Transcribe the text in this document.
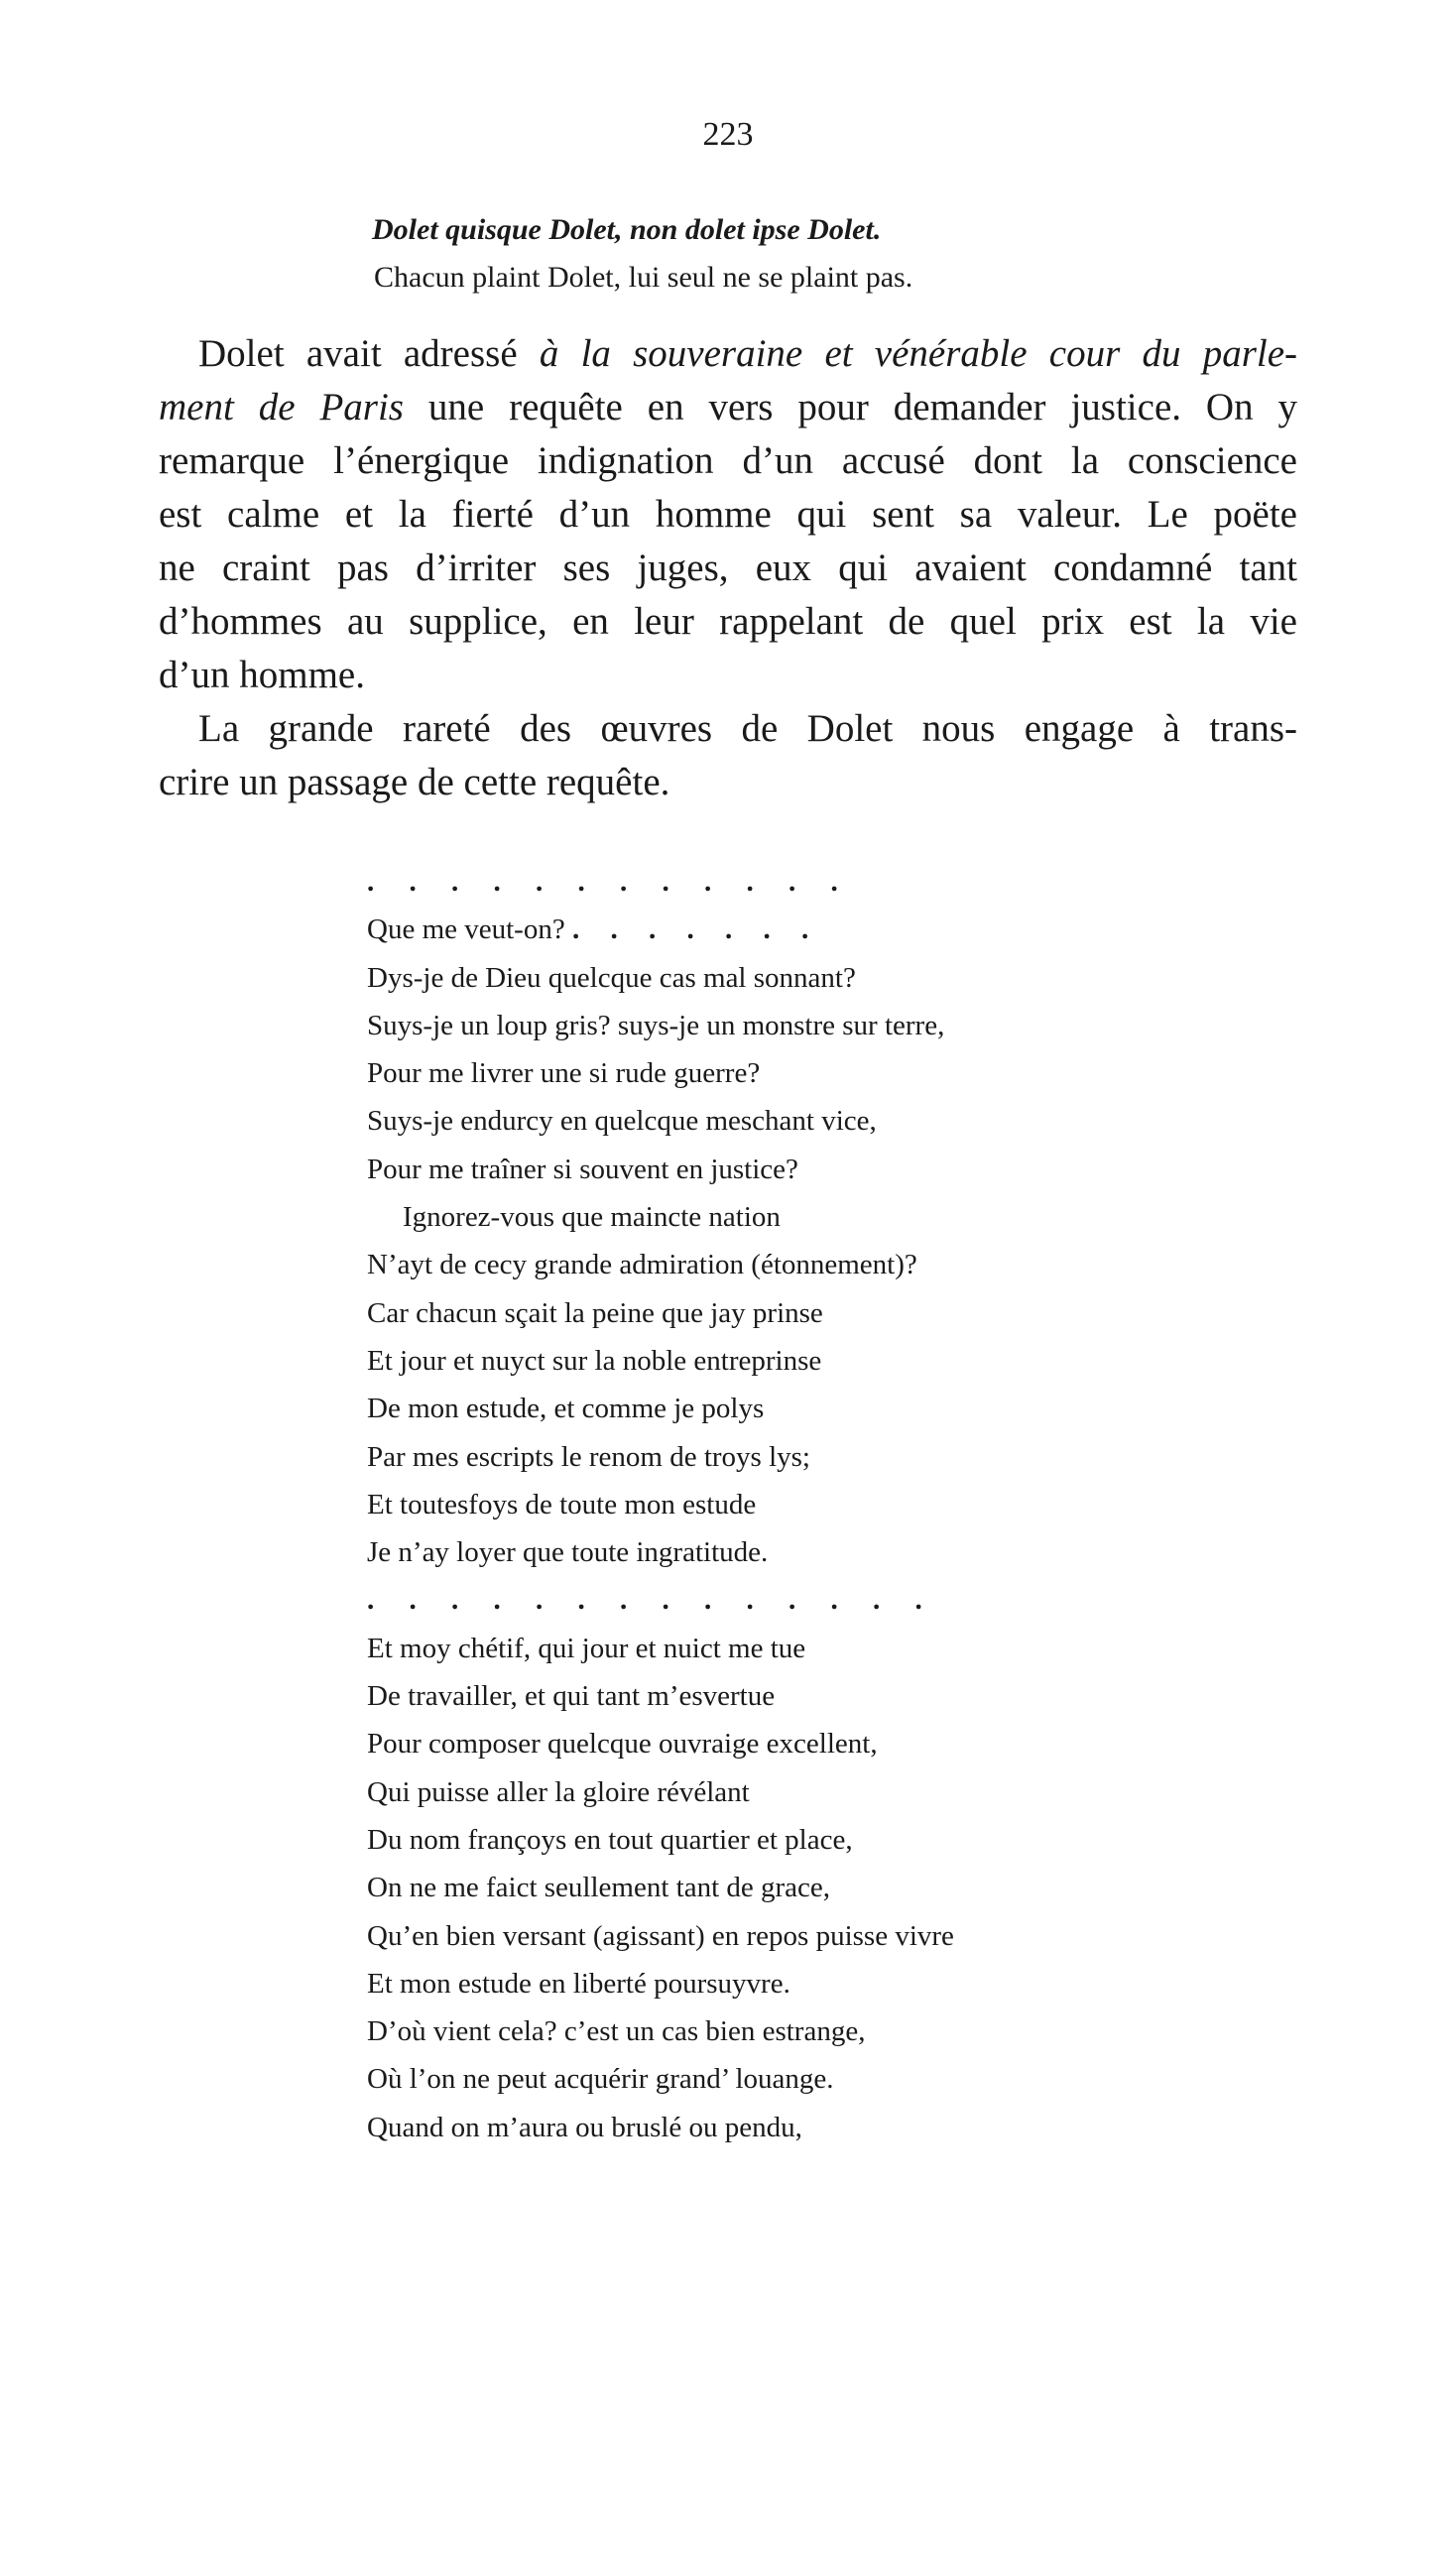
223
Dolet quisque Dolet, non dolet ipse Dolet.
Chacun plaint Dolet, lui seul ne se plaint pas.
Dolet avait adressé à la souveraine et vénérable cour du parle-
ment de Paris une requête en vers pour demander justice. On y
remarque l’énergique indignation d’un accusé dont la conscience
est calme et la fierté d’un homme qui sent sa valeur. Le poëte
ne craint pas d’irriter ses juges, eux qui avaient condamné tant
d’hommes au supplice, en leur rappelant de quel prix est la vie
d’un homme.
La grande rareté des œuvres de Dolet nous engage à trans-
crire un passage de cette requête.
. . . . . . . . . . . .
Que me veut-on? . . . . . . .
Dys-je de Dieu quelcque cas mal sonnant?
Suys-je un loup gris? suys-je un monstre sur terre,
Pour me livrer une si rude guerre?
Suys-je endurcy en quelcque meschant vice,
Pour me traîner si souvent en justice?
Ignorez-vous que maincte nation
N’ayt de cecy grande admiration (étonnement)?
Car chacun sçait la peine que jay prinse
Et jour et nuyct sur la noble entreprinse
De mon estude, et comme je polys
Par mes escripts le renom de troys lys;
Et toutesfoys de toute mon estude
Je n’ay loyer que toute ingratitude.
. . . . . . . . . . . . . .
Et moy chétif, qui jour et nuict me tue
De travailler, et qui tant m’esvertue
Pour composer quelcque ouvraige excellent,
Qui puisse aller la gloire révélant
Du nom françoys en tout quartier et place,
On ne me faict seullement tant de grace,
Qu’en bien versant (agissant) en repos puisse vivre
Et mon estude en liberté poursuyvre.
D’où vient cela? c’est un cas bien estrange,
Où l’on ne peut acquérir grand’ louange.
Quand on m’aura ou bruslé ou pendu,
